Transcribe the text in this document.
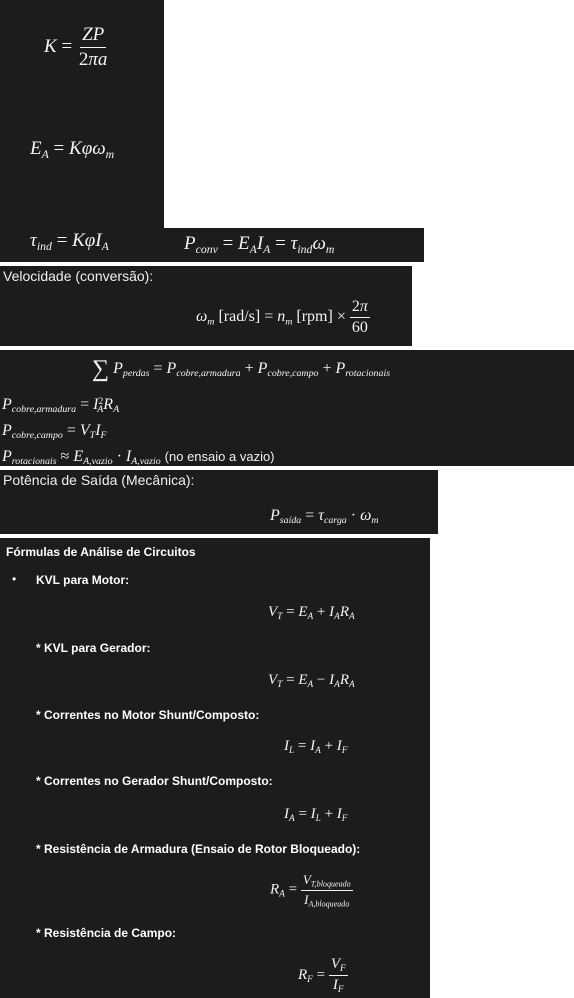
$K = \frac{ZP}{2\pi a}$
$E_A = K\varphi\omega_m$
$\tau_{ind} = K\varphi I_A$	$P_{conv} = E_AI_A = \tau_{ind}\omega_m$
Velocidade (conversão):
$\omega_m$ $[rad/s] = n_m$ $[rpm] \times \frac{2\pi}{60}$
∑ $P_{perdas} = P_{cobre,armadura} + P_{cobre,campo} + P_{rotacionais}$
$P_{cobre,armadura} = I^2_AR_A$
$P_{cobre,campo} = V_TI_F$
$P_{rotacionais} \approx E_{A,vazio} \cdot I_{A,vazio}$ (no ensaio a vazio)
Potência de Saída (Mecânica):
$P_{saída} = \tau_{carga} \cdot \omega_m$
Fórmulas de Análise de Circuitos
• KVL para Motor:
$V_T = E_A + I_AR_A$
* KVL para Gerador:
$V_T = E_A - I_AR_A$
* Correntes no Motor Shunt/Composto:
$I_L = I_A + I_F$
* Correntes no Gerador Shunt/Composto:
$I_A = I_L + I_F$
* Resistência de Armadura (Ensaio de Rotor Bloqueado):
$R_A = \frac{V_{T,bloqueado}}{I_{A,bloqueado}}$
* Resistência de Campo:
$R_F = \frac{V_F}{I_F}$
